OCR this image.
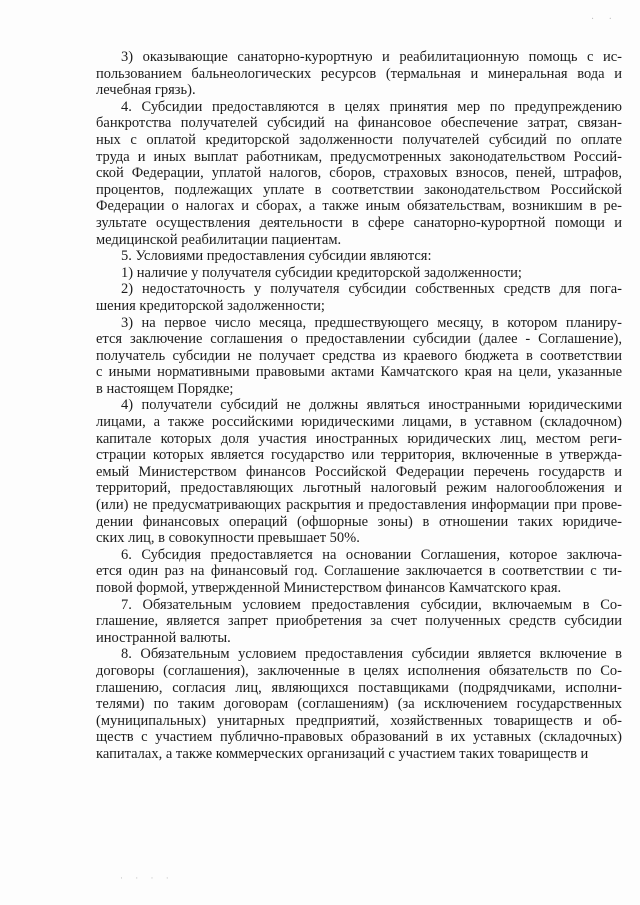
· ·
3) оказывающие санаторно-курортную и реабилитационную помощь с ис-
пользованием бальнеологических ресурсов (термальная и минеральная вода и
лечебная грязь).
4. Субсидии предоставляются в целях принятия мер по предупреждению
банкротства получателей субсидий на финансовое обеспечение затрат, связан-
ных с оплатой кредиторской задолженности получателей субсидий по оплате
труда и иных выплат работникам, предусмотренных законодательством Россий-
ской Федерации, уплатой налогов, сборов, страховых взносов, пеней, штрафов,
процентов, подлежащих уплате в соответствии законодательством Российской
Федерации о налогах и сборах, а также иным обязательствам, возникшим в ре-
зультате осуществления деятельности в сфере санаторно-курортной помощи и
медицинской реабилитации пациентам.
5. Условиями предоставления субсидии являются:
1) наличие у получателя субсидии кредиторской задолженности;
2) недостаточность у получателя субсидии собственных средств для пога-
шения кредиторской задолженности;
3) на первое число месяца, предшествующего месяцу, в котором планиру-
ется заключение соглашения о предоставлении субсидии (далее - Соглашение),
получатель субсидии не получает средства из краевого бюджета в соответствии
с иными нормативными правовыми актами Камчатского края на цели, указанные
в настоящем Порядке;
4) получатели субсидий не должны являться иностранными юридическими
лицами, а также российскими юридическими лицами, в уставном (складочном)
капитале которых доля участия иностранных юридических лиц, местом реги-
страции которых является государство или территория, включенные в утвержда-
емый Министерством финансов Российской Федерации перечень государств и
территорий, предоставляющих льготный налоговый режим налогообложения и
(или) не предусматривающих раскрытия и предоставления информации при прове-
дении финансовых операций (офшорные зоны) в отношении таких юридиче-
ских лиц, в совокупности превышает 50%.
6. Субсидия предоставляется на основании Соглашения, которое заключа-
ется один раз на финансовый год. Соглашение заключается в соответствии с ти-
повой формой, утвержденной Министерством финансов Камчатского края.
7. Обязательным условием предоставления субсидии, включаемым в Со-
глашение, является запрет приобретения за счет полученных средств субсидии
иностранной валюты.
8. Обязательным условием предоставления субсидии является включение в
договоры (соглашения), заключенные в целях исполнения обязательств по Со-
глашению, согласия лиц, являющихся поставщиками (подрядчиками, исполни-
телями) по таким договорам (соглашениям) (за исключением государственных
(муниципальных) унитарных предприятий, хозяйственных товариществ и об-
ществ с участием публично-правовых образований в их уставных (складочных)
капиталах, а также коммерческих организаций с участием таких товариществ и
· · · ·
